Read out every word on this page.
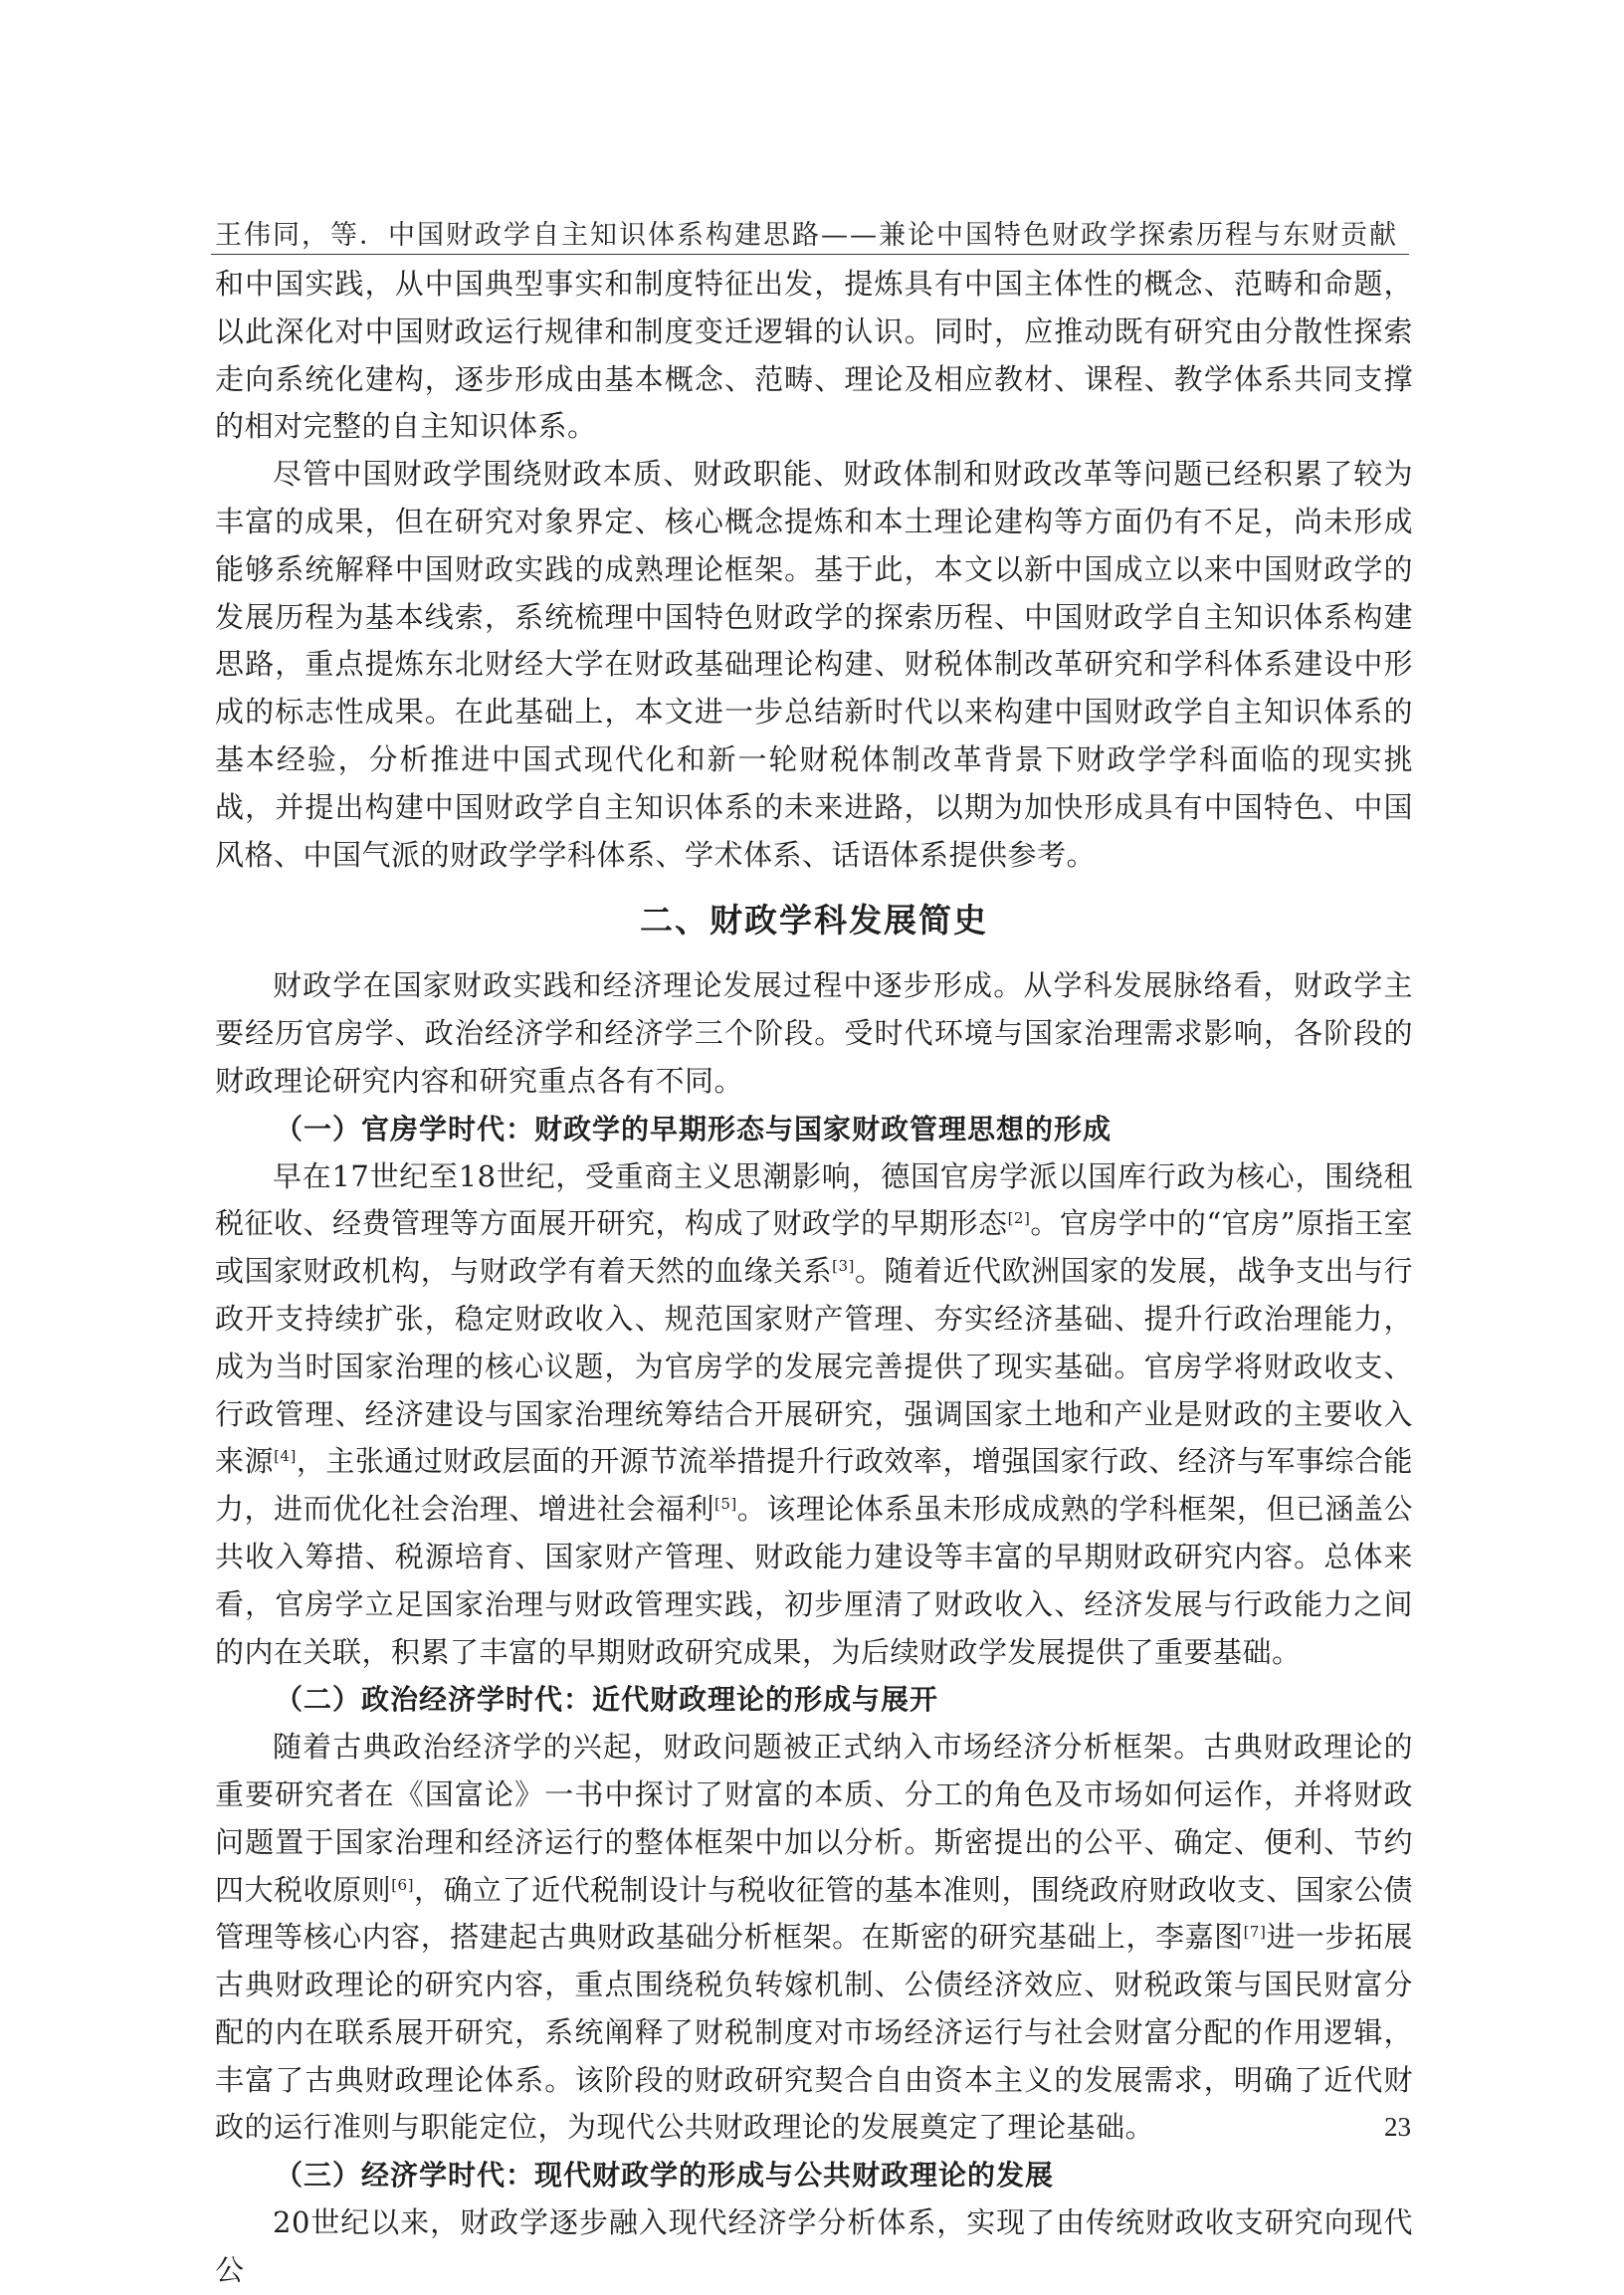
王伟同，等．中国财政学自主知识体系构建思路——兼论中国特色财政学探索历程与东财贡献

和中国实践，从中国典型事实和制度特征出发，提炼具有中国主体性的概念、范畴和命题，以此深化对中国财政运行规律和制度变迁逻辑的认识。同时，应推动既有研究由分散性探索走向系统化建构，逐步形成由基本概念、范畴、理论及相应教材、课程、教学体系共同支撑的相对完整的自主知识体系。

尽管中国财政学围绕财政本质、财政职能、财政体制和财政改革等问题已经积累了较为丰富的成果，但在研究对象界定、核心概念提炼和本土理论建构等方面仍有不足，尚未形成能够系统解释中国财政实践的成熟理论框架。基于此，本文以新中国成立以来中国财政学的发展历程为基本线索，系统梳理中国特色财政学的探索历程、中国财政学自主知识体系构建思路，重点提炼东北财经大学在财政基础理论构建、财税体制改革研究和学科体系建设中形成的标志性成果。在此基础上，本文进一步总结新时代以来构建中国财政学自主知识体系的基本经验，分析推进中国式现代化和新一轮财税体制改革背景下财政学学科面临的现实挑战，并提出构建中国财政学自主知识体系的未来进路，以期为加快形成具有中国特色、中国风格、中国气派的财政学学科体系、学术体系、话语体系提供参考。

二、财政学科发展简史

财政学在国家财政实践和经济理论发展过程中逐步形成。从学科发展脉络看，财政学主要经历官房学、政治经济学和经济学三个阶段。受时代环境与国家治理需求影响，各阶段的财政理论研究内容和研究重点各有不同。

（一）官房学时代：财政学的早期形态与国家财政管理思想的形成

早在17世纪至18世纪，受重商主义思潮影响，德国官房学派以国库行政为核心，围绕租税征收、经费管理等方面展开研究，构成了财政学的早期形态[2]。官房学中的“官房”原指王室或国家财政机构，与财政学有着天然的血缘关系[3]。随着近代欧洲国家的发展，战争支出与行政开支持续扩张，稳定财政收入、规范国家财产管理、夯实经济基础、提升行政治理能力，成为当时国家治理的核心议题，为官房学的发展完善提供了现实基础。官房学将财政收支、行政管理、经济建设与国家治理统筹结合开展研究，强调国家土地和产业是财政的主要收入来源[4]，主张通过财政层面的开源节流举措提升行政效率，增强国家行政、经济与军事综合能力，进而优化社会治理、增进社会福利[5]。该理论体系虽未形成成熟的学科框架，但已涵盖公共收入筹措、税源培育、国家财产管理、财政能力建设等丰富的早期财政研究内容。总体来看，官房学立足国家治理与财政管理实践，初步厘清了财政收入、经济发展与行政能力之间的内在关联，积累了丰富的早期财政研究成果，为后续财政学发展提供了重要基础。

（二）政治经济学时代：近代财政理论的形成与展开

随着古典政治经济学的兴起，财政问题被正式纳入市场经济分析框架。古典财政理论的重要研究者在《国富论》一书中探讨了财富的本质、分工的角色及市场如何运作，并将财政问题置于国家治理和经济运行的整体框架中加以分析。斯密提出的公平、确定、便利、节约四大税收原则[6]，确立了近代税制设计与税收征管的基本准则，围绕政府财政收支、国家公债管理等核心内容，搭建起古典财政基础分析框架。在斯密的研究基础上，李嘉图[7]进一步拓展古典财政理论的研究内容，重点围绕税负转嫁机制、公债经济效应、财税政策与国民财富分配的内在联系展开研究，系统阐释了财税制度对市场经济运行与社会财富分配的作用逻辑，丰富了古典财政理论体系。该阶段的财政研究契合自由资本主义的发展需求，明确了近代财政的运行准则与职能定位，为现代公共财政理论的发展奠定了理论基础。

（三）经济学时代：现代财政学的形成与公共财政理论的发展

20世纪以来，财政学逐步融入现代经济学分析体系，实现了由传统财政收支研究向现代公

23
